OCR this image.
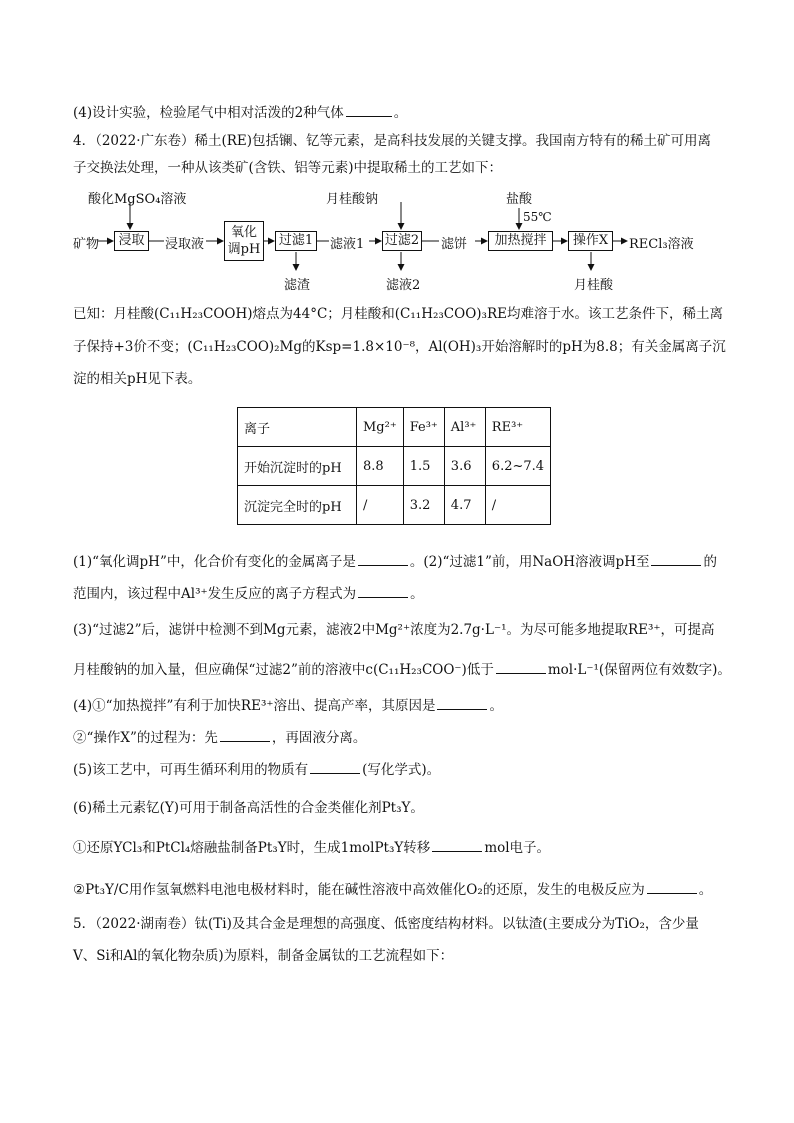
(4)设计实验，检验尾气中相对活泼的2种气体	。
4．（2022·广东卷）稀土(RE)包括镧、钇等元素，是高科技发展的关键支撑。我国南方特有的稀土矿可用离
子交换法处理，一种从该类矿(含铁、铝等元素)中提取稀土的工艺如下：
酸化MgSO₄溶液	月桂酸钠	盐酸
55℃
矿物	浸取	浸取液
氧化
调pH
过滤1 滤液1 过滤2 滤饼	加热搅拌	操作X	RECl₃溶液
滤渣	滤液2	月桂酸
已知：月桂酸(C₁₁H₂₃COOH)熔点为44°C；月桂酸和(C₁₁H₂₃COO)₃RE均难溶于水。该工艺条件下，稀土离
子保持+3价不变；(C₁₁H₂₃COO)₂Mg的Ksp=1.8×10⁻⁸，Al(OH)₃开始溶解时的pH为8.8；有关金属离子沉
淀的相关pH见下表。
离子	Mg²⁺	Fe³⁺	Al³⁺	RE³⁺
开始沉淀时的pH	8.8	1.5	3.6	6.2~7.4
沉淀完全时的pH	/	3.2	4.7	/
(1)“氧化调pH”中，化合价有变化的金属离子是	。(2)“过滤1”前，用NaOH溶液调pH至	的
范围内，该过程中Al³⁺发生反应的离子方程式为	。
(3)“过滤2”后，滤饼中检测不到Mg元素，滤液2中Mg²⁺浓度为2.7g·L⁻¹。为尽可能多地提取RE³⁺，可提高
月桂酸钠的加入量，但应确保“过滤2”前的溶液中c(C₁₁H₂₃COO⁻)低于	mol·L⁻¹(保留两位有效数字)。
(4)①“加热搅拌”有利于加快RE³⁺溶出、提高产率，其原因是	。
②“操作X”的过程为：先	，再固液分离。
(5)该工艺中，可再生循环利用的物质有	(写化学式)。
(6)稀土元素钇(Y)可用于制备高活性的合金类催化剂Pt₃Y。
①还原YCl₃和PtCl₄熔融盐制备Pt₃Y时，生成1molPt₃Y转移	mol电子。
②Pt₃Y/C用作氢氧燃料电池电极材料时，能在碱性溶液中高效催化O₂的还原，发生的电极反应为	。
5．（2022·湖南卷）钛(Ti)及其合金是理想的高强度、低密度结构材料。以钛渣(主要成分为TiO₂，含少量
V、Si和Al的氧化物杂质)为原料，制备金属钛的工艺流程如下：
